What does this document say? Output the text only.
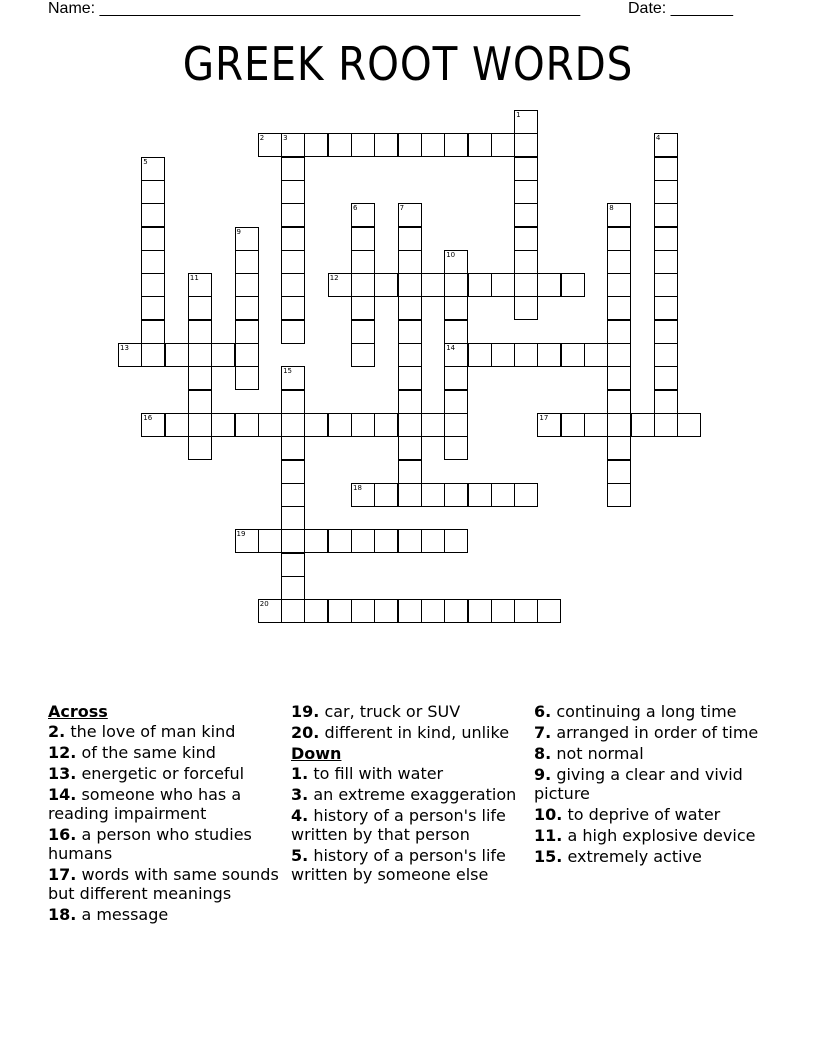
Name: ______________________________________________________	Date: _______
GREEK ROOT WORDS
1
2	3	4
5
6	7	8
9
10
14
11	12
13
15
16	17
18
19
20
Across
2. the love of man kind
12. of the same kind
13. energetic or forceful
14. someone who has a reading impairment
16. a person who studies humans
17. words with same sounds but different meanings
18. a message
19. car, truck or SUV
20. different in kind, unlike
Down
1. to fill with water
3. an extreme exaggeration
4. history of a person's life written by that person
5. history of a person's life written by someone else
6. continuing a long time
7. arranged in order of time
8. not normal
9. giving a clear and vivid picture
10. to deprive of water
11. a high explosive device
15. extremely active
